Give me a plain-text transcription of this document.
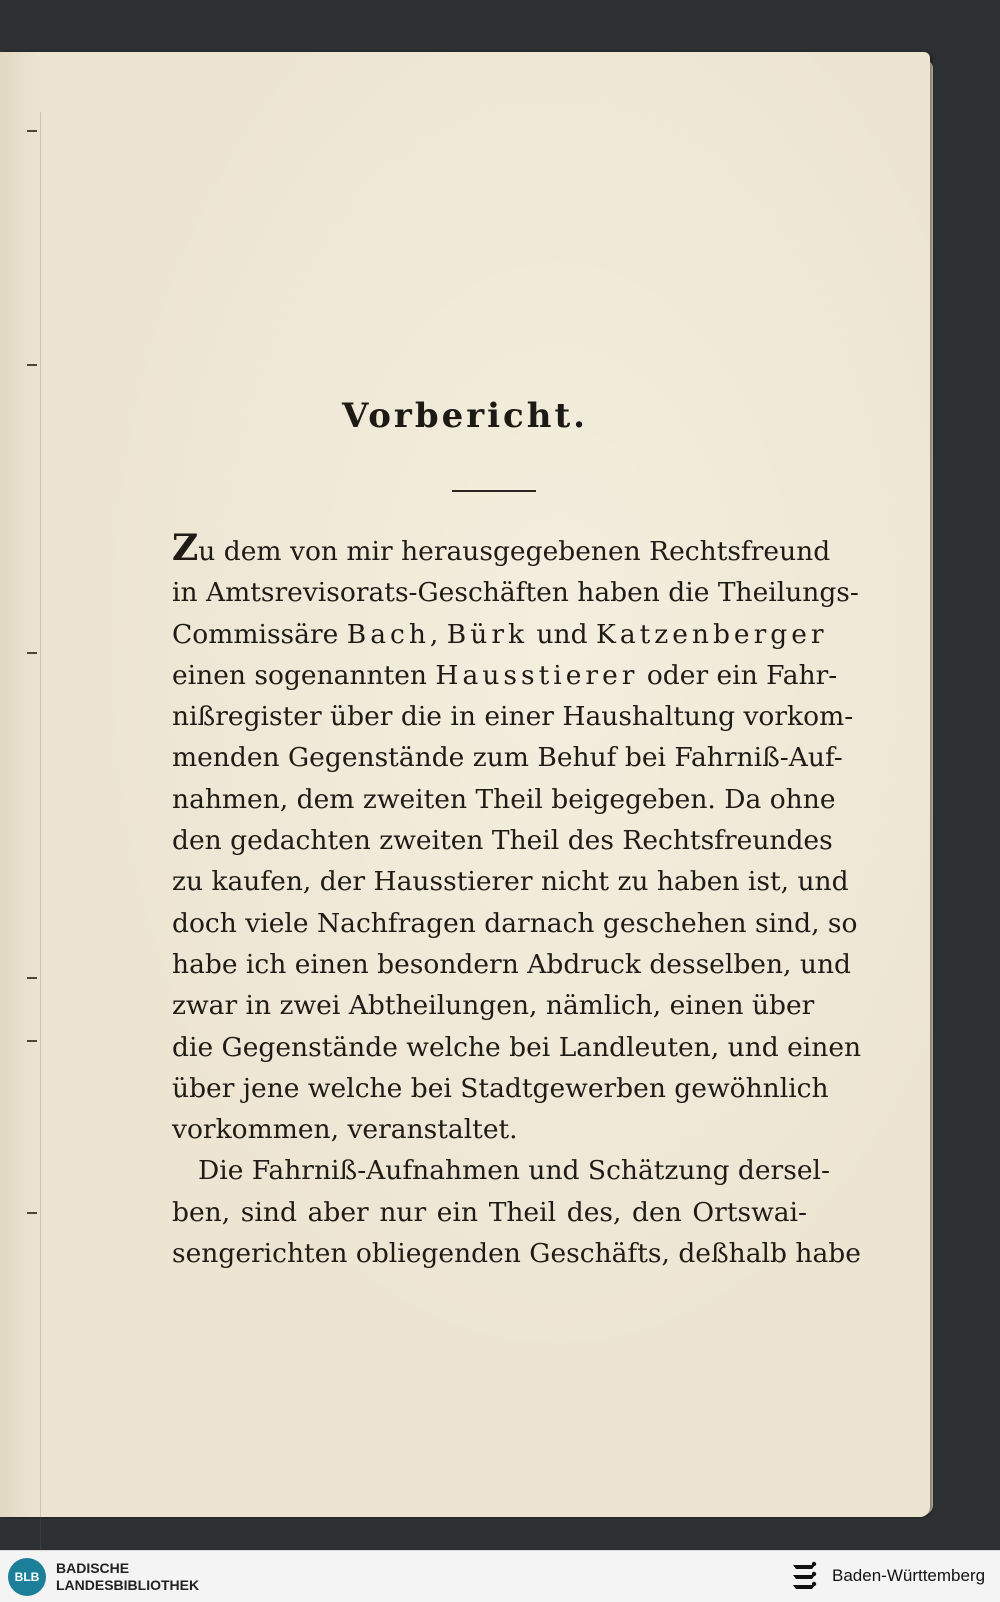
Vorbericht.

Zu dem von mir herausgegebenen Rechtsfreund
in Amtsrevisorats-Geschäften haben die Theilungs-
Commissäre Bach, Bürk und Katzenberger
einen sogenannten Hausstierer oder ein Fahr-
nißregister über die in einer Haushaltung vorkom-
menden Gegenstände zum Behuf bei Fahrniß-Auf-
nahmen, dem zweiten Theil beigegeben. Da ohne
den gedachten zweiten Theil des Rechtsfreundes
zu kaufen, der Hausstierer nicht zu haben ist, und
doch viele Nachfragen darnach geschehen sind, so
habe ich einen besondern Abdruck desselben, und
zwar in zwei Abtheilungen, nämlich, einen über
die Gegenstände welche bei Landleuten, und einen
über jene welche bei Stadtgewerben gewöhnlich
vorkommen, veranstaltet.

Die Fahrniß-Aufnahmen und Schätzung dersel-
ben, sind aber nur ein Theil des, den Ortswai-
sengerichten obliegenden Geschäfts, deßhalb habe

BLB
BADISCHE
LANDESBIBLIOTHEK	Baden-Württemberg
